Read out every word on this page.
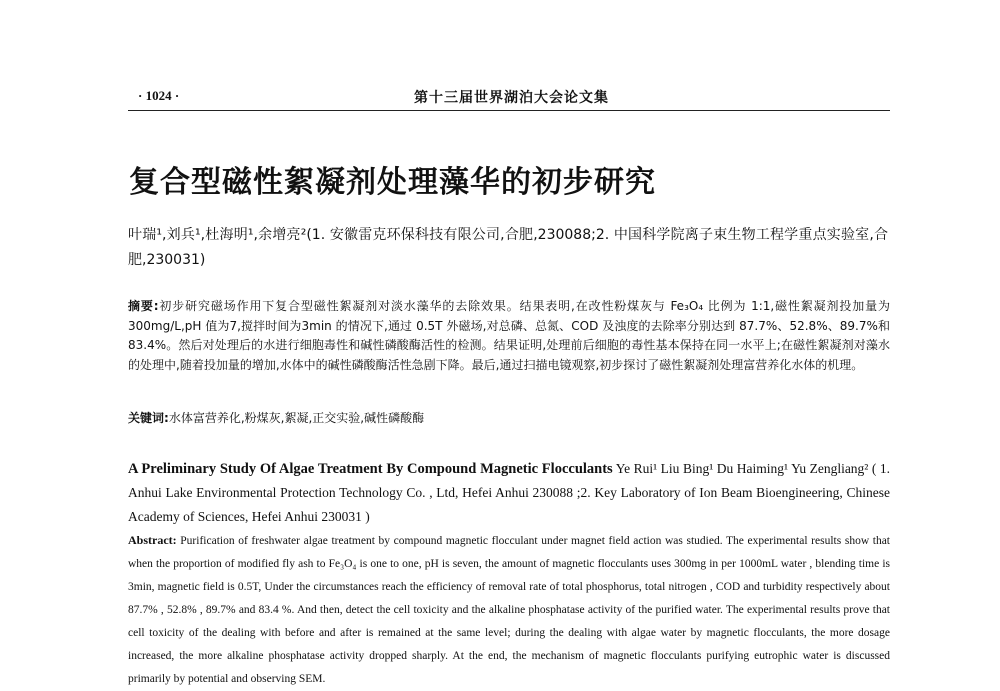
· 1024 ·	第十三届世界湖泊大会论文集
复合型磁性絮凝剂处理藻华的初步研究
叶瑞¹,刘兵¹,杜海明¹,余增亮²(1. 安徽雷克环保科技有限公司,合肥,230088;2. 中国科学院离子束生物工程学重点实验室,合肥,230031)
摘要:初步研究磁场作用下复合型磁性絮凝剂对淡水藻华的去除效果。结果表明,在改性粉煤灰与 Fe₃O₄ 比例为 1:1,磁性絮凝剂投加量为300mg/L,pH 值为7,搅拌时间为3min 的情况下,通过 0.5T 外磁场,对总磷、总氮、COD 及浊度的去除率分别达到 87.7%、52.8%、89.7%和83.4%。然后对处理后的水进行细胞毒性和碱性磷酸酶活性的检测。结果证明,处理前后细胞的毒性基本保持在同一水平上;在磁性絮凝剂对藻水的处理中,随着投加量的增加,水体中的碱性磷酸酶活性急剧下降。最后,通过扫描电镜观察,初步探讨了磁性絮凝剂处理富营养化水体的机理。
关键词:水体富营养化,粉煤灰,絮凝,正交实验,碱性磷酸酶
A Preliminary Study Of Algae Treatment By Compound Magnetic Flocculants Ye Rui¹ Liu Bing¹ Du Haiming¹ Yu Zengliang² ( 1. Anhui Lake Environmental Protection Technology Co. , Ltd, Hefei Anhui 230088 ;2. Key Laboratory of Ion Beam Bioengineering, Chinese Academy of Sciences, Hefei Anhui 230031 )
Abstract: Purification of freshwater algae treatment by compound magnetic flocculant under magnet field action was studied. The experimental results show that when the proportion of modified fly ash to Fe₃O₄ is one to one, pH is seven, the amount of magnetic flocculants uses 300mg in per 1000mL water , blending time is 3min, magnetic field is 0.5T, Under the circumstances reach the efficiency of removal rate of total phosphorus, total nitrogen , COD and turbidity respectively about 87.7% , 52.8% , 89.7% and 83.4 %. And then, detect the cell toxicity and the alkaline phosphatase activity of the purified water. The experimental results prove that cell toxicity of the dealing with before and after is remained at the same level; during the dealing with algae water by magnetic flocculants, the more dosage increased, the more alkaline phosphatase activity dropped sharply. At the end, the mechanism of magnetic flocculants purifying eutrophic water is discussed primarily by potential and observing SEM.
